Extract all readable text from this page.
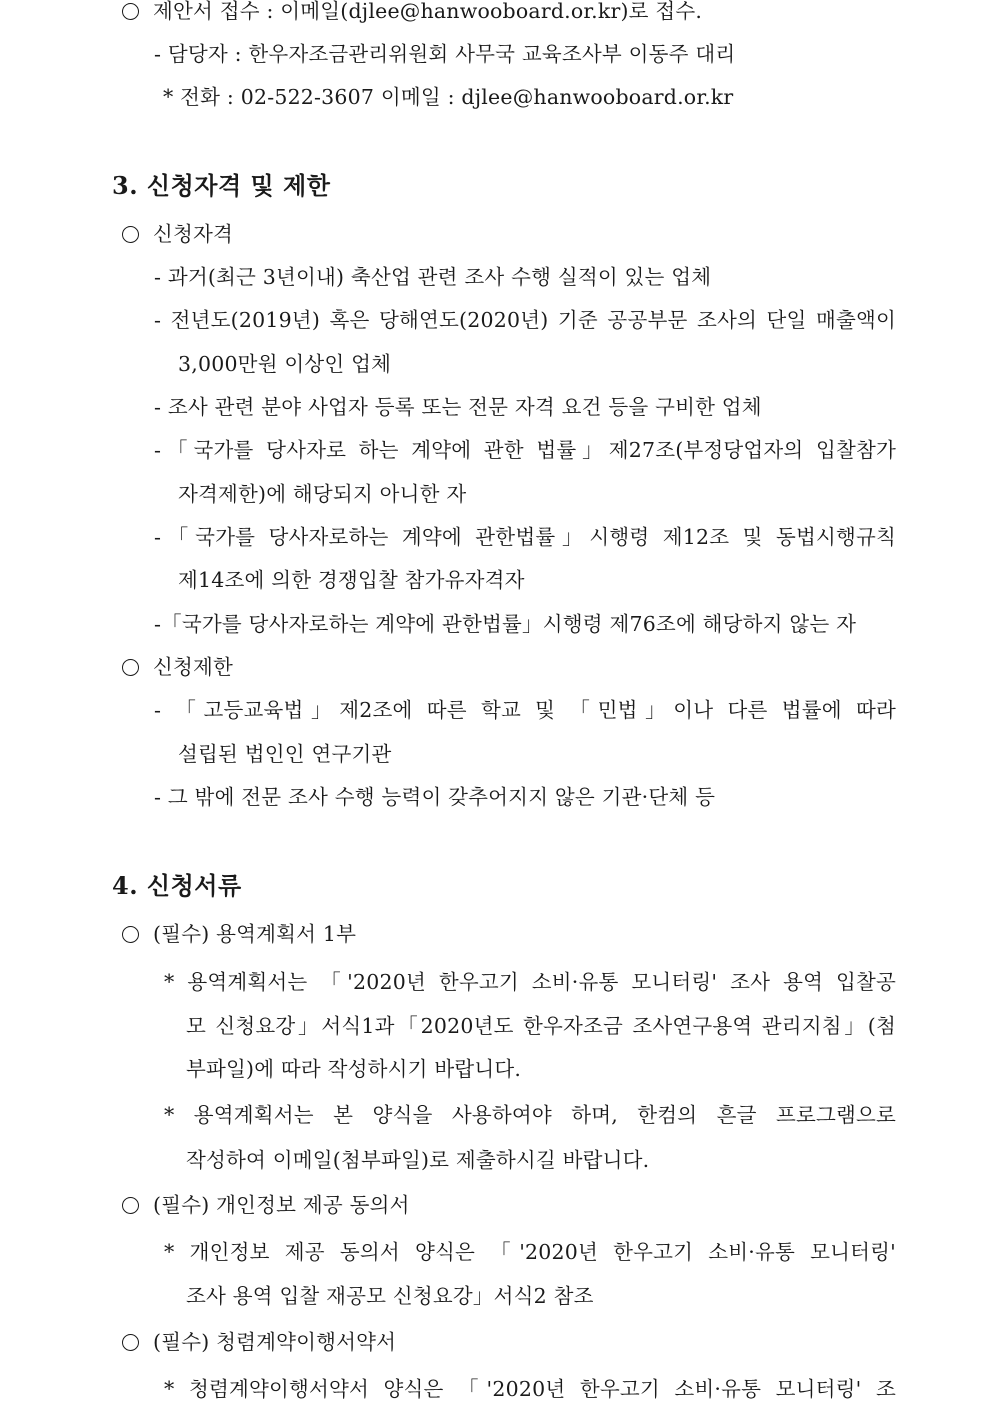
제안서 접수 : 이메일(djlee@hanwooboard.or.kr)로 접수.
- 담당자 : 한우자조금관리위원회 사무국 교육조사부 이동주 대리
* 전화 : 02-522-3607 이메일 : djlee@hanwooboard.or.kr
3. 신청자격 및 제한
신청자격
- 과거(최근 3년이내) 축산업 관련 조사 수행 실적이 있는 업체
- 전년도(2019년) 혹은 당해연도(2020년) 기준 공공부문 조사의 단일 매출액이
3,000만원 이상인 업체
- 조사 관련 분야 사업자 등록 또는 전문 자격 요건 등을 구비한 업체
-「국가를 당사자로 하는 계약에 관한 법률」제27조(부정당업자의 입찰참가
자격제한)에 해당되지 아니한 자
-「국가를 당사자로하는 계약에 관한법률」시행령 제12조 및 동법시행규칙
제14조에 의한 경쟁입찰 참가유자격자
-「국가를 당사자로하는 계약에 관한법률」시행령 제76조에 해당하지 않는 자
신청제한
- 「고등교육법」제2조에 따른 학교 및 「민법」이나 다른 법률에 따라
설립된 법인인 연구기관
- 그 밖에 전문 조사 수행 능력이 갖추어지지 않은 기관·단체 등
4. 신청서류
(필수) 용역계획서 1부
* 용역계획서는 「'2020년 한우고기 소비·유통 모니터링' 조사 용역 입찰공
모 신청요강」서식1과「2020년도 한우자조금 조사연구용역 관리지침」(첨
부파일)에 따라 작성하시기 바랍니다.
* 용역계획서는 본 양식을 사용하여야 하며, 한컴의 흔글 프로그램으로
작성하여 이메일(첨부파일)로 제출하시길 바랍니다.
(필수) 개인정보 제공 동의서
* 개인정보 제공 동의서 양식은 「'2020년 한우고기 소비·유통 모니터링'
조사 용역 입찰 재공모 신청요강」서식2 참조
(필수) 청렴계약이행서약서
* 청렴계약이행서약서 양식은 「'2020년 한우고기 소비·유통 모니터링' 조
